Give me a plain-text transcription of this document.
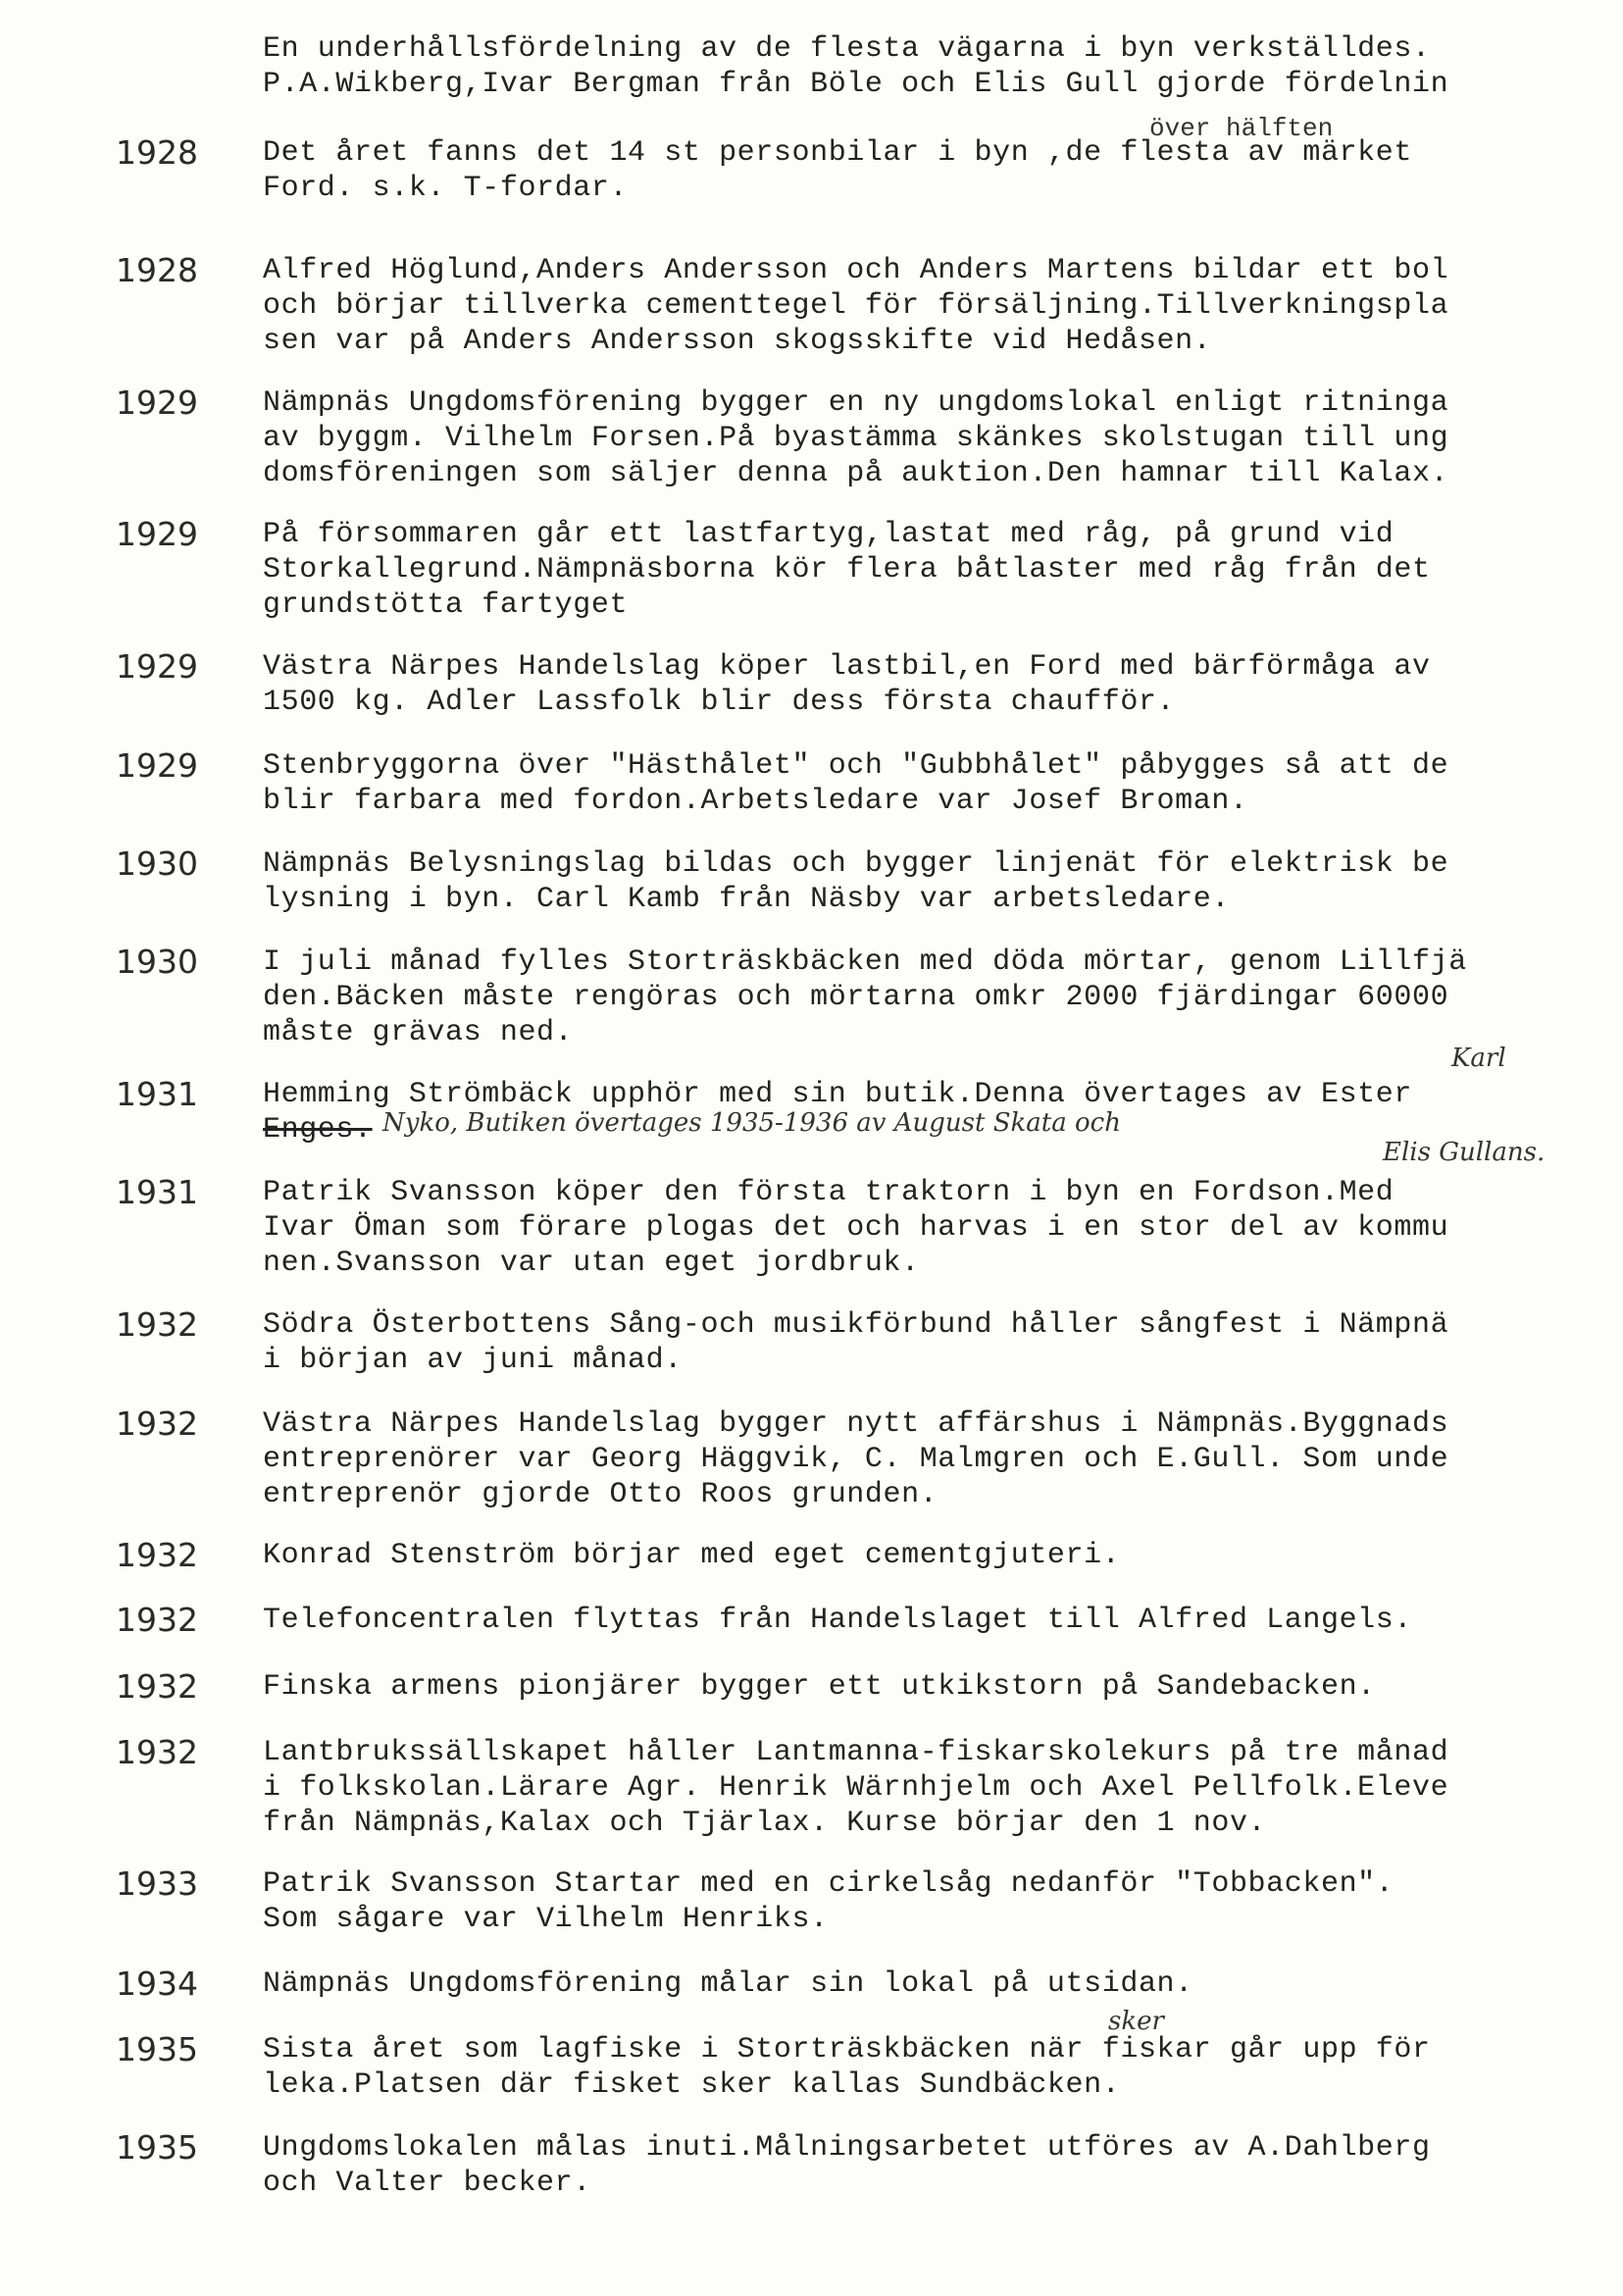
En underhållsfördelning av de flesta vägarna i byn verkställdes.
P.A.Wikberg,Ivar Bergman från Böle och Elis Gull gjorde fördelnin
1928 Det året fanns det 14 st personbilar i byn ,de flesta av märket
Ford. s.k. T-fordar.
över hälften
1928 Alfred Höglund,Anders Andersson och Anders Martens bildar ett bol
och börjar tillverka cementtegel för försäljning.Tillverkningspla
sen var på Anders Andersson skogsskifte vid Hedåsen.
1929 Nämpnäs Ungdomsförening bygger en ny ungdomslokal enligt ritninga
av byggm. Vilhelm Forsen.På byastämma skänkes skolstugan till ung
domsföreningen som säljer denna på auktion.Den hamnar till Kalax.
1929 På försommaren går ett lastfartyg,lastat med råg, på grund vid
Storkallegrund.Nämpnäsborna kör flera båtlaster med råg från det
grundstötta fartyget
1929 Västra Närpes Handelslag köper lastbil,en Ford med bärförmåga av
1500 kg. Adler Lassfolk blir dess första chaufför.
1929 Stenbryggorna över "Hästhålet" och "Gubbhålet" påbygges så att de
blir farbara med fordon.Arbetsledare var Josef Broman.
1930 Nämpnäs Belysningslag bildas och bygger linjenät för elektrisk be
lysning i byn. Carl Kamb från Näsby var arbetsledare.
1930 I juli månad fylles Storträskbäcken med döda mörtar, genom Lillfjä
den.Bäcken måste rengöras och mörtarna omkr 2000 fjärdingar 60000
måste grävas ned.
1931 Hemming Strömbäck upphör med sin butik.Denna övertages av Ester
Enges.
Karl
Nyko, Butiken övertages 1935-1936 av August Skata och
Elis Gullans.
1931 Patrik Svansson köper den första traktorn i byn en Fordson.Med
Ivar Öman som förare plogas det och harvas i en stor del av kommu
nen.Svansson var utan eget jordbruk.
1932 Södra Österbottens Sång-och musikförbund håller sångfest i Nämpnä
i början av juni månad.
1932 Västra Närpes Handelslag bygger nytt affärshus i Nämpnäs.Byggnads
entreprenörer var Georg Häggvik, C. Malmgren och E.Gull. Som unde
entreprenör gjorde Otto Roos grunden.
1932 Konrad Stenström börjar med eget cementgjuteri.
1932 Telefoncentralen flyttas från Handelslaget till Alfred Langels.
1932 Finska armens pionjärer bygger ett utkikstorn på Sandebacken.
1932 Lantbrukssällskapet håller Lantmanna-fiskarskolekurs på tre månad
i folkskolan.Lärare Agr. Henrik Wärnhjelm och Axel Pellfolk.Eleve
från Nämpnäs,Kalax och Tjärlax. Kurse börjar den 1 nov.
1933 Patrik Svansson Startar med en cirkelsåg nedanför "Tobbacken".
Som sågare var Vilhelm Henriks.
1934 Nämpnäs Ungdomsförening målar sin lokal på utsidan.
1935 Sista året som lagfiske i Storträskbäcken när fiskar går upp för
leka.Platsen där fisket sker kallas Sundbäcken.
sker
1935 Ungdomslokalen målas inuti.Målningsarbetet utföres av A.Dahlberg
och Valter becker.
